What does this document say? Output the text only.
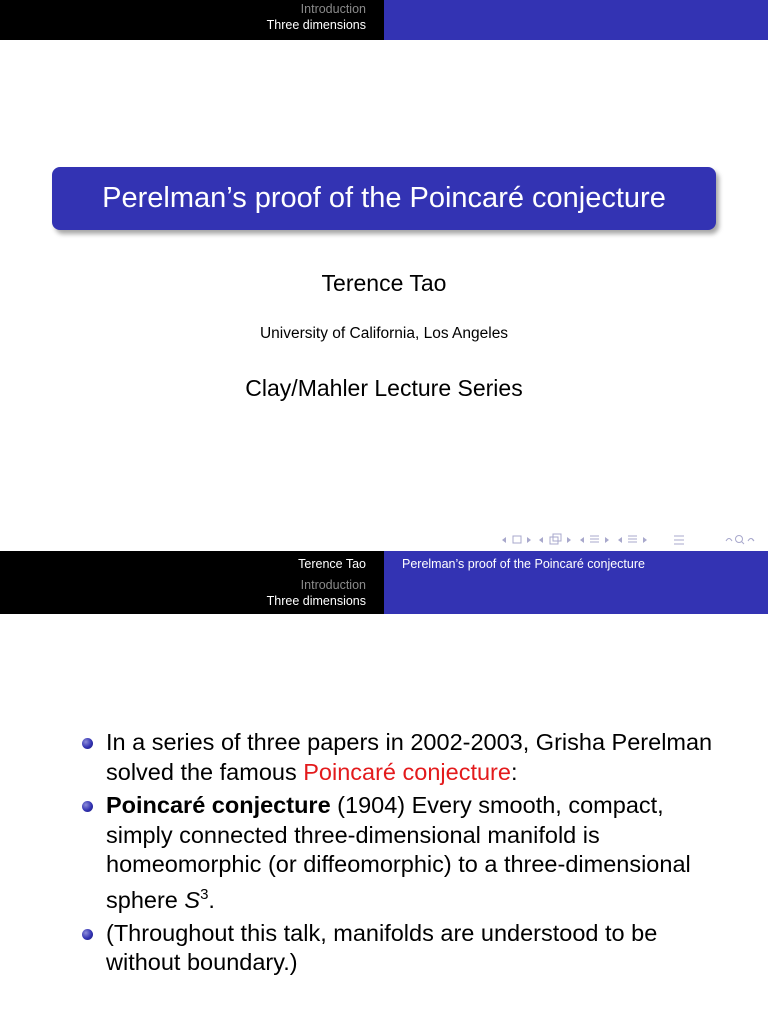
Introduction
Three dimensions
Perelman’s proof of the Poincaré conjecture
Terence Tao
University of California, Los Angeles
Clay/Mahler Lecture Series
Terence Tao
Introduction
Three dimensions
Perelman’s proof of the Poincaré conjecture
In a series of three papers in 2002-2003, Grisha Perelman solved the famous Poincaré conjecture:
Poincaré conjecture (1904) Every smooth, compact, simply connected three-dimensional manifold is homeomorphic (or diffeomorphic) to a three-dimensional sphere $S^3$.
(Throughout this talk, manifolds are understood to be without boundary.)
